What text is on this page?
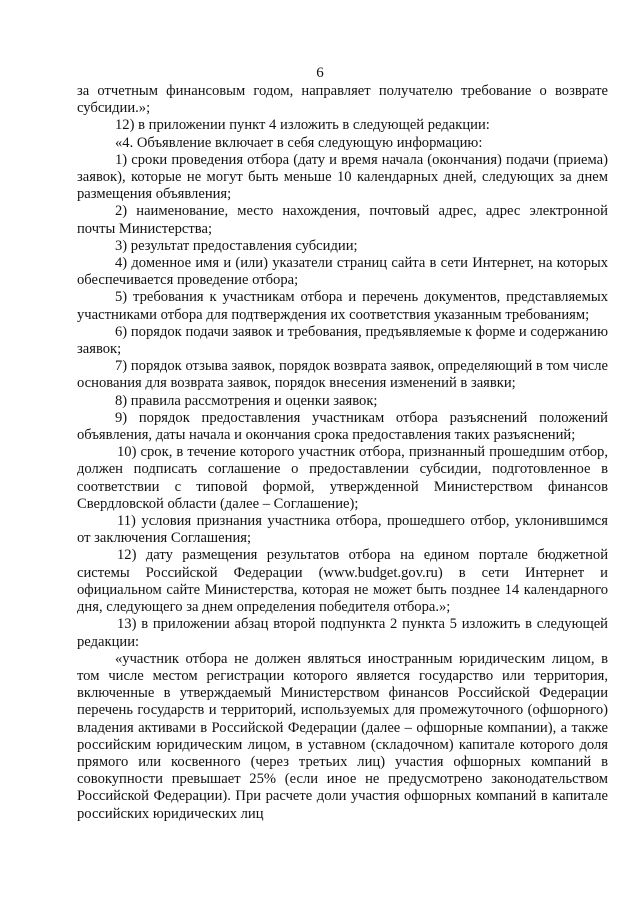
6

за отчетным финансовым годом, направляет получателю требование о возврате субсидии.»;

12) в приложении пункт 4 изложить в следующей редакции:

«4. Объявление включает в себя следующую информацию:

1) сроки проведения отбора (дату и время начала (окончания) подачи (приема) заявок), которые не могут быть меньше 10 календарных дней, следующих за днем размещения объявления;

2) наименование, место нахождения, почтовый адрес, адрес электронной почты Министерства;

3) результат предоставления субсидии;

4) доменное имя и (или) указатели страниц сайта в сети Интернет, на которых обеспечивается проведение отбора;

5) требования к участникам отбора и перечень документов, представляемых участниками отбора для подтверждения их соответствия указанным требованиям;

6) порядок подачи заявок и требования, предъявляемые к форме и содержанию заявок;

7) порядок отзыва заявок, порядок возврата заявок, определяющий в том числе основания для возврата заявок, порядок внесения изменений в заявки;

8) правила рассмотрения и оценки заявок;

9) порядок предоставления участникам отбора разъяснений положений объявления, даты начала и окончания срока предоставления таких разъяснений;

10) срок, в течение которого участник отбора, признанный прошедшим отбор, должен подписать соглашение о предоставлении субсидии, подготовленное в соответствии с типовой формой, утвержденной Министерством финансов Свердловской области (далее – Соглашение);

11) условия признания участника отбора, прошедшего отбор, уклонившимся от заключения Соглашения;

12) дату размещения результатов отбора на едином портале бюджетной системы Российской Федерации (www.budget.gov.ru) в сети Интернет и официальном сайте Министерства, которая не может быть позднее 14 календарного дня, следующего за днем определения победителя отбора.»;

13) в приложении абзац второй подпункта 2 пункта 5 изложить в следующей редакции:

«участник отбора не должен являться иностранным юридическим лицом, в том числе местом регистрации которого является государство или территория, включенные в утверждаемый Министерством финансов Российской Федерации перечень государств и территорий, используемых для промежуточного (офшорного) владения активами в Российской Федерации (далее – офшорные компании), а также российским юридическим лицом, в уставном (складочном) капитале которого доля прямого или косвенного (через третьих лиц) участия офшорных компаний в совокупности превышает 25% (если иное не предусмотрено законодательством Российской Федерации). При расчете доли участия офшорных компаний в капитале российских юридических лиц
